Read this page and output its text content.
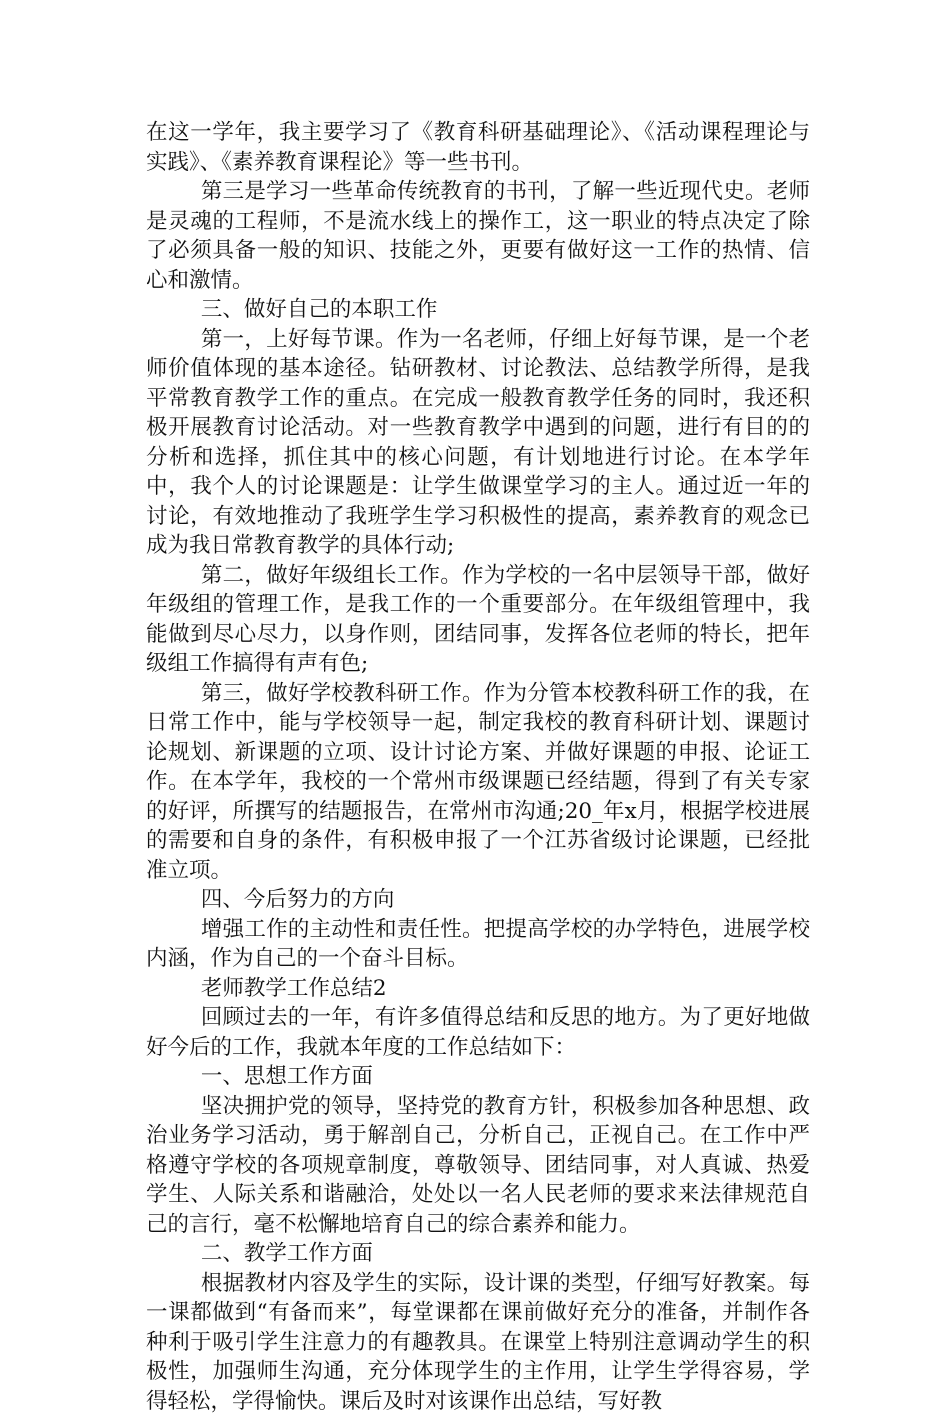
在这一学年，我主要学习了《教育科研基础理论》、《活动课程理论与实践》、《素养教育课程论》等一些书刊。

第三是学习一些革命传统教育的书刊，了解一些近现代史。老师是灵魂的工程师，不是流水线上的操作工，这一职业的特点决定了除了必须具备一般的知识、技能之外，更要有做好这一工作的热情、信心和激情。

三、做好自己的本职工作

第一，上好每节课。作为一名老师，仔细上好每节课，是一个老师价值体现的基本途径。钻研教材、讨论教法、总结教学所得，是我平常教育教学工作的重点。在完成一般教育教学任务的同时，我还积极开展教育讨论活动。对一些教育教学中遇到的问题，进行有目的的分析和选择，抓住其中的核心问题，有计划地进行讨论。在本学年中，我个人的讨论课题是：让学生做课堂学习的主人。通过近一年的讨论，有效地推动了我班学生学习积极性的提高，素养教育的观念已成为我日常教育教学的具体行动;

第二，做好年级组长工作。作为学校的一名中层领导干部，做好年级组的管理工作，是我工作的一个重要部分。在年级组管理中，我能做到尽心尽力，以身作则，团结同事，发挥各位老师的特长，把年级组工作搞得有声有色;

第三，做好学校教科研工作。作为分管本校教科研工作的我，在日常工作中，能与学校领导一起，制定我校的教育科研计划、课题讨论规划、新课题的立项、设计讨论方案、并做好课题的申报、论证工作。在本学年，我校的一个常州市级课题已经结题，得到了有关专家的好评，所撰写的结题报告，在常州市沟通;20_年x月，根据学校进展的需要和自身的条件，有积极申报了一个江苏省级讨论课题，已经批准立项。

四、今后努力的方向

增强工作的主动性和责任性。把提高学校的办学特色，进展学校内涵，作为自己的一个奋斗目标。

老师教学工作总结2

回顾过去的一年，有许多值得总结和反思的地方。为了更好地做好今后的工作，我就本年度的工作总结如下：

一、思想工作方面

坚决拥护党的领导，坚持党的教育方针，积极参加各种思想、政治业务学习活动，勇于解剖自己，分析自己，正视自己。在工作中严格遵守学校的各项规章制度，尊敬领导、团结同事，对人真诚、热爱学生、人际关系和谐融洽，处处以一名人民老师的要求来法律规范自己的言行，毫不松懈地培育自己的综合素养和能力。

二、教学工作方面

根据教材内容及学生的实际，设计课的类型，仔细写好教案。每一课都做到“有备而来”，每堂课都在课前做好充分的准备，并制作各种利于吸引学生注意力的有趣教具。在课堂上特别注意调动学生的积极性，加强师生沟通，充分体现学生的主作用，让学生学得容易，学得轻松，学得愉快。课后及时对该课作出总结，写好教
